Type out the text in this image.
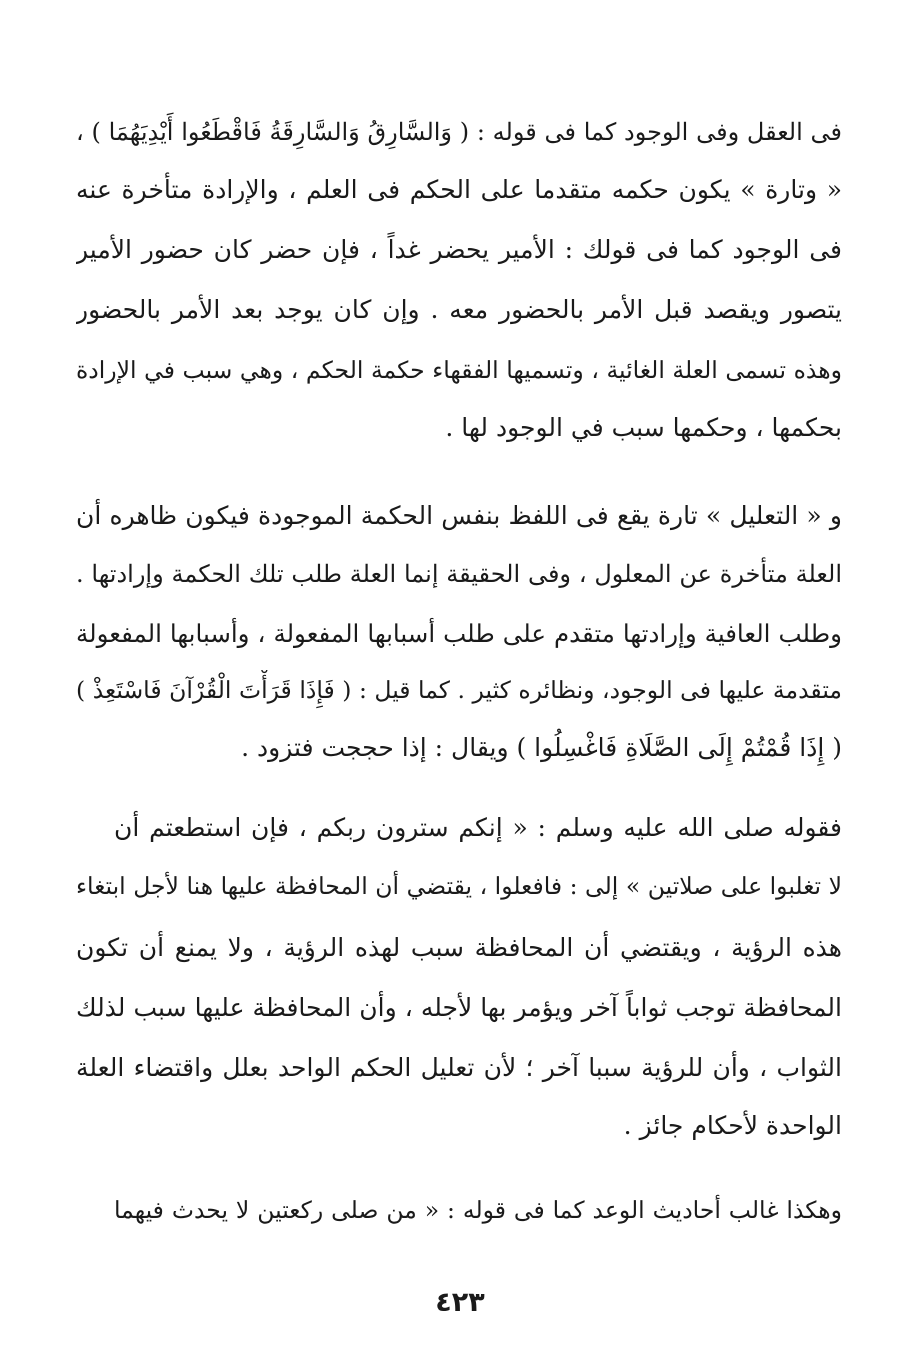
فى العقل وفى الوجود كما فى قوله : ( وَالسَّارِقُ وَالسَّارِقَةُ فَاقْطَعُوا أَيْدِيَهُمَا ) ،
« وتارة » يكون حكمه متقدما على الحكم فى العلم ، والإرادة متأخرة عنه
فى الوجود كما فى قولك : الأمير يحضر غداً ، فإن حضر كان حضور الأمير
يتصور ويقصد قبل الأمر بالحضور معه . وإن كان يوجد بعد الأمر بالحضور
وهذه تسمى العلة الغائية ، وتسميها الفقهاء حكمة الحكم ، وهي سبب في الإرادة
بحكمها ، وحكمها سبب في الوجود لها .
و « التعليل » تارة يقع فى اللفظ بنفس الحكمة الموجودة فيكون ظاهره أن
العلة متأخرة عن المعلول ، وفى الحقيقة إنما العلة طلب تلك الحكمة وإرادتها .
وطلب العافية وإرادتها متقدم على طلب أسبابها المفعولة ، وأسبابها المفعولة
متقدمة عليها فى الوجود، ونظائره كثير . كما قيل : ( فَإِذَا قَرَأْتَ الْقُرْآنَ فَاسْتَعِذْ )
( إِذَا قُمْتُمْ إِلَى الصَّلَاةِ فَاغْسِلُوا ) ويقال : إذا حججت فتزود .
فقوله صلى الله عليه وسلم : « إنكم سترون ربكم ، فإن استطعتم أن
لا تغلبوا على صلاتين » إلى : فافعلوا ، يقتضي أن المحافظة عليها هنا لأجل ابتغاء
هذه الرؤية ، ويقتضي أن المحافظة سبب لهذه الرؤية ، ولا يمنع أن تكون
المحافظة توجب ثواباً آخر ويؤمر بها لأجله ، وأن المحافظة عليها سبب لذلك
الثواب ، وأن للرؤية سببا آخر ؛ لأن تعليل الحكم الواحد بعلل واقتضاء العلة
الواحدة لأحكام جائز .
وهكذا غالب أحاديث الوعد كما فى قوله : « من صلى ركعتين لا يحدث فيهما
٤٢٣
